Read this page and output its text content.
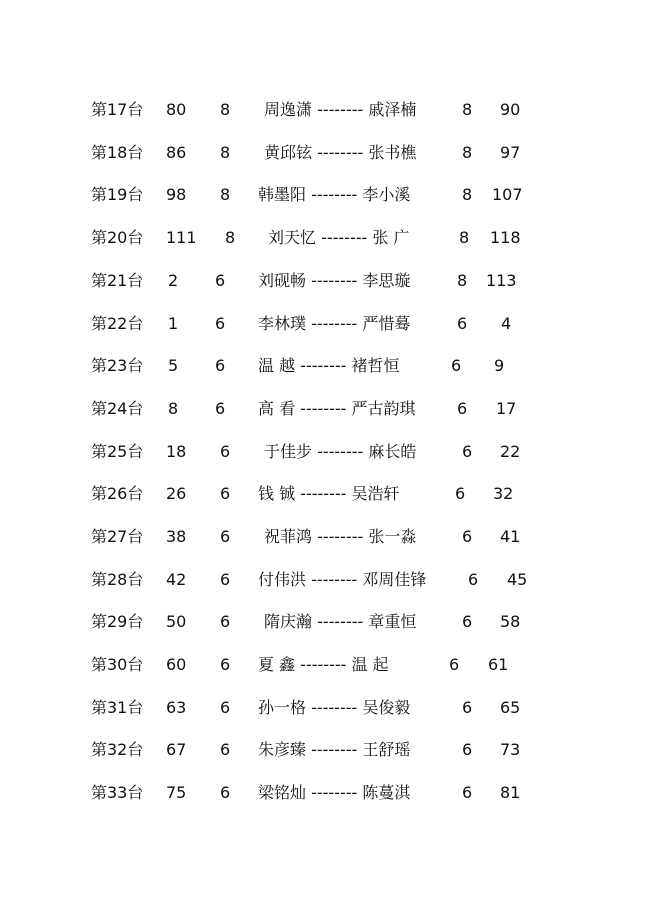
第17台 80 8 周逸潇 -------- 戚泽楠	8 90
第18台 86 8 黄邱铉 -------- 张书樵	8 97
第19台 98 8 韩墨阳 -------- 李小溪	8 107
第20台 111 8 刘天忆 -------- 张 广	8 118
第21台 2 6 刘砚畅 -------- 李思璇	8 113
第22台 1 6 李林璞 -------- 严惜蓦	6 4
第23台 5 6 温 越 -------- 褚哲恒	6 9
第24台 8 6 高 看 -------- 严古韵琪	6 17
第25台 18 6 于佳步 -------- 麻长皓	6 22
第26台 26 6 钱 铖 -------- 吴浩轩	6 32
第27台 38 6 祝菲鸿 -------- 张一淼	6 41
第28台 42 6 付伟洪 -------- 邓周佳锋	6 45
第29台 50 6 隋庆瀚 -------- 章重恒	6 58
第30台 60 6 夏 鑫 -------- 温 起	6 61
第31台 63 6 孙一格 -------- 吴俊毅	6 65
第32台 67 6 朱彦臻 -------- 王舒瑶	6 73
第33台 75 6 梁铭灿 -------- 陈蔓淇	6 81
